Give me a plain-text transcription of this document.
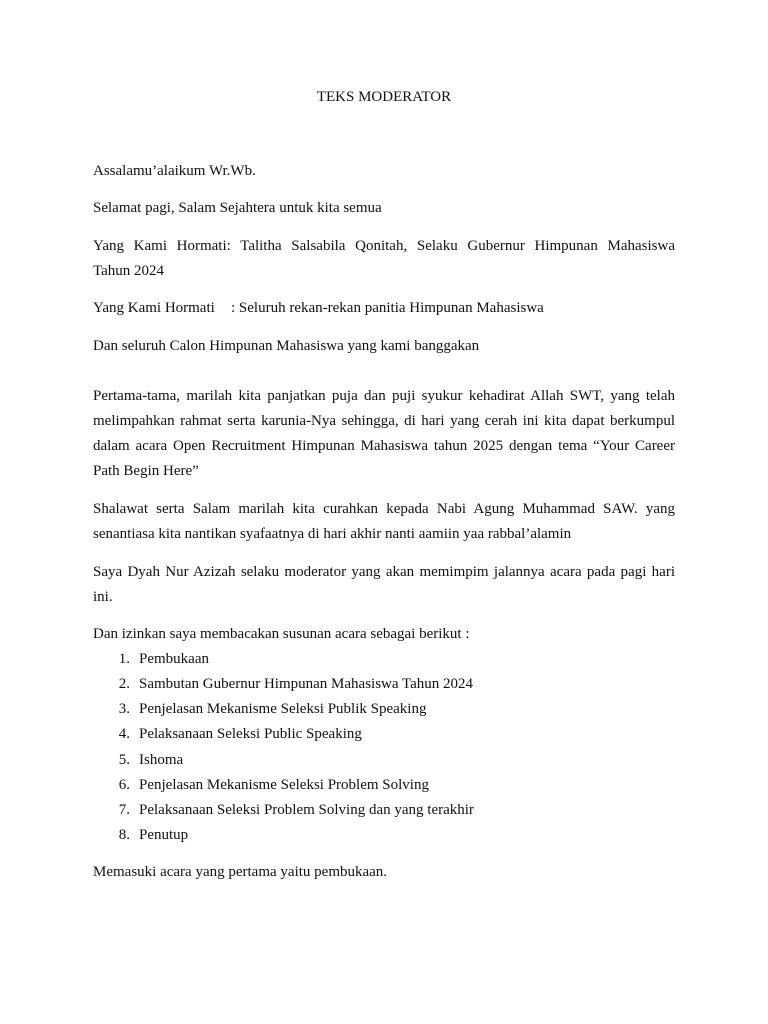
TEKS MODERATOR
Assalamu’alaikum Wr.Wb.
Selamat pagi, Salam Sejahtera untuk kita semua
Yang Kami Hormati: Talitha Salsabila Qonitah, Selaku Gubernur Himpunan Mahasiswa
Tahun 2024
Yang Kami Hormati : Seluruh rekan-rekan panitia Himpunan Mahasiswa
Dan seluruh Calon Himpunan Mahasiswa yang kami banggakan
Pertama-tama, marilah kita panjatkan puja dan puji syukur kehadirat Allah SWT, yang telah
melimpahkan rahmat serta karunia-Nya sehingga, di hari yang cerah ini kita dapat berkumpul
dalam acara Open Recruitment Himpunan Mahasiswa tahun 2025 dengan tema “Your Career
Path Begin Here”
Shalawat serta Salam marilah kita curahkan kepada Nabi Agung Muhammad SAW. yang
senantiasa kita nantikan syafaatnya di hari akhir nanti aamiin yaa rabbal’alamin
Saya Dyah Nur Azizah selaku moderator yang akan memimpim jalannya acara pada pagi hari
ini.
Dan izinkan saya membacakan susunan acara sebagai berikut :
1. Pembukaan
2. Sambutan Gubernur Himpunan Mahasiswa Tahun 2024
3. Penjelasan Mekanisme Seleksi Publik Speaking
4. Pelaksanaan Seleksi Public Speaking
5. Ishoma
6. Penjelasan Mekanisme Seleksi Problem Solving
7. Pelaksanaan Seleksi Problem Solving dan yang terakhir
8. Penutup
Memasuki acara yang pertama yaitu pembukaan.
